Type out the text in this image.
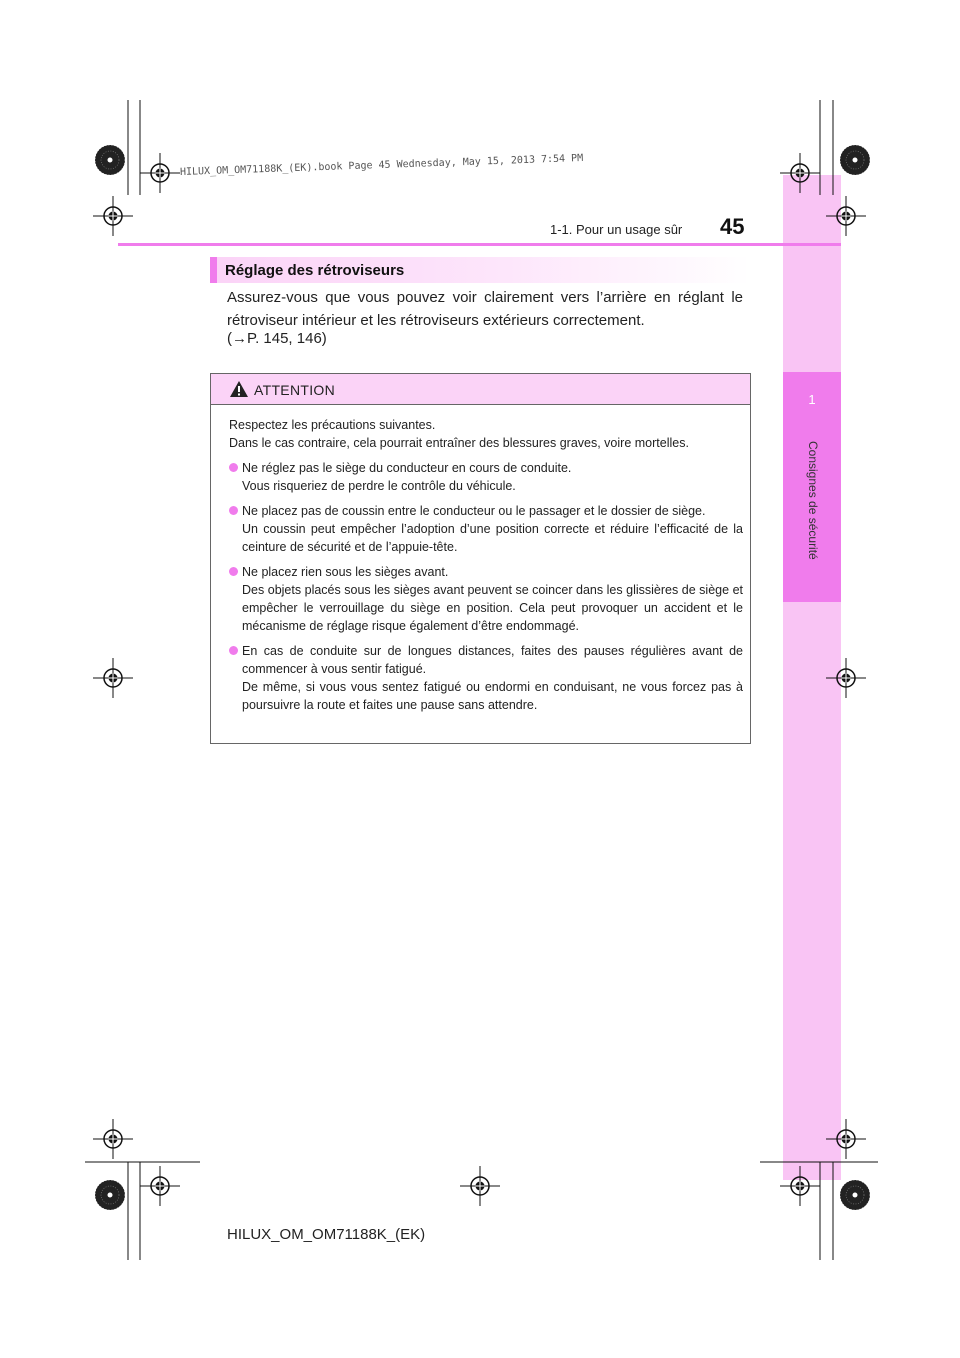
1
Consignes de sécurité
1-1. Pour un usage sûr 45
HILUX_OM_OM71188K_(EK).book Page 45 Wednesday, May 15, 2013 7:54 PM
Réglage des rétroviseurs
Assurez-vous que vous pouvez voir clairement vers l’arrière en réglant le rétroviseur intérieur et les rétroviseurs extérieurs correctement.
(→P. 145, 146)
ATTENTION
Respectez les précautions suivantes.
Dans le cas contraire, cela pourrait entraîner des blessures graves, voire mortelles.
Ne réglez pas le siège du conducteur en cours de conduite.
Vous risqueriez de perdre le contrôle du véhicule.
Ne placez pas de coussin entre le conducteur ou le passager et le dossier de siège.
Un coussin peut empêcher l’adoption d’une position correcte et réduire l’efficacité de la ceinture de sécurité et de l’appuie-tête.
Ne placez rien sous les sièges avant.
Des objets placés sous les sièges avant peuvent se coincer dans les glissières de siège et empêcher le verrouillage du siège en position. Cela peut provoquer un accident et le mécanisme de réglage risque également d’être endommagé.
En cas de conduite sur de longues distances, faites des pauses régulières avant de commencer à vous sentir fatigué.
De même, si vous vous sentez fatigué ou endormi en conduisant, ne vous forcez pas à poursuivre la route et faites une pause sans attendre.
HILUX_OM_OM71188K_(EK)
